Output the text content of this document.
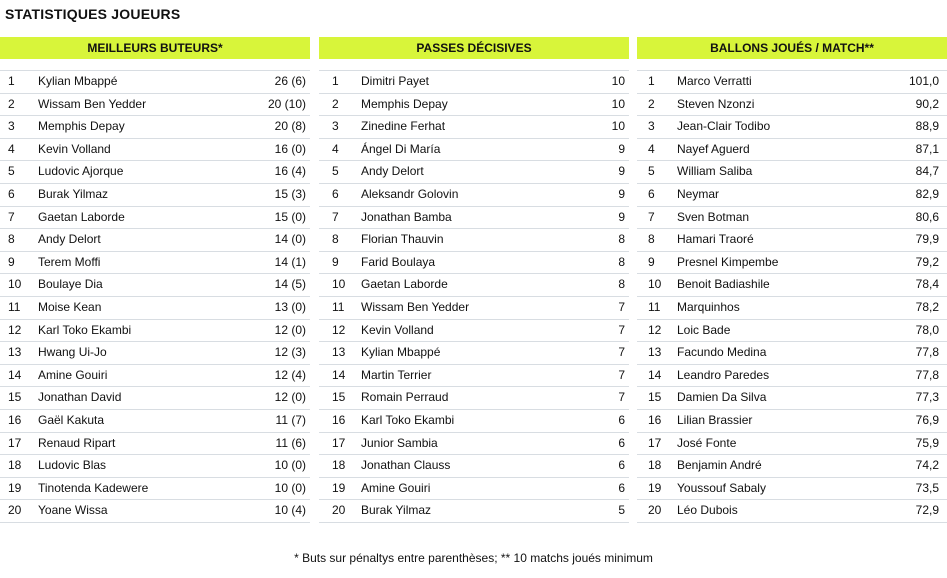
STATISTIQUES JOUEURS
MEILLEURS BUTEURS*
1 Kylian Mbappé	26 (6)
2 Wissam Ben Yedder	20 (10)
3 Memphis Depay	20 (8)
4 Kevin Volland	16 (0)
5 Ludovic Ajorque	16 (4)
6 Burak Yilmaz	15 (3)
7 Gaetan Laborde	15 (0)
8 Andy Delort	14 (0)
9 Terem Moffi	14 (1)
10 Boulaye Dia	14 (5)
11 Moise Kean	13 (0)
12 Karl Toko Ekambi	12 (0)
13 Hwang Ui-Jo	12 (3)
14 Amine Gouiri	12 (4)
15 Jonathan David	12 (0)
16 Gaël Kakuta	11 (7)
17 Renaud Ripart	11 (6)
18 Ludovic Blas	10 (0)
19 Tinotenda Kadewere	10 (0)
20 Yoane Wissa	10 (4)
PASSES DÉCISIVES
1 Dimitri Payet	10
2 Memphis Depay	10
3 Zinedine Ferhat	10
4 Ángel Di María	9
5 Andy Delort	9
6 Aleksandr Golovin	9
7 Jonathan Bamba	9
8 Florian Thauvin	8
9 Farid Boulaya	8
10 Gaetan Laborde	8
11 Wissam Ben Yedder	7
12 Kevin Volland	7
13 Kylian Mbappé	7
14 Martin Terrier	7
15 Romain Perraud	7
16 Karl Toko Ekambi	6
17 Junior Sambia	6
18 Jonathan Clauss	6
19 Amine Gouiri	6
20 Burak Yilmaz	5
BALLONS JOUÉS / MATCH**
1 Marco Verratti	101,0
2 Steven Nzonzi	90,2
3 Jean-Clair Todibo	88,9
4 Nayef Aguerd	87,1
5 William Saliba	84,7
6 Neymar	82,9
7 Sven Botman	80,6
8 Hamari Traoré	79,9
9 Presnel Kimpembe	79,2
10 Benoit Badiashile	78,4
11 Marquinhos	78,2
12 Loic Bade	78,0
13 Facundo Medina	77,8
14 Leandro Paredes	77,8
15 Damien Da Silva	77,3
16 Lilian Brassier	76,9
17 José Fonte	75,9
18 Benjamin André	74,2
19 Youssouf Sabaly	73,5
20 Léo Dubois	72,9
* Buts sur pénaltys entre parenthèses; ** 10 matchs joués minimum
